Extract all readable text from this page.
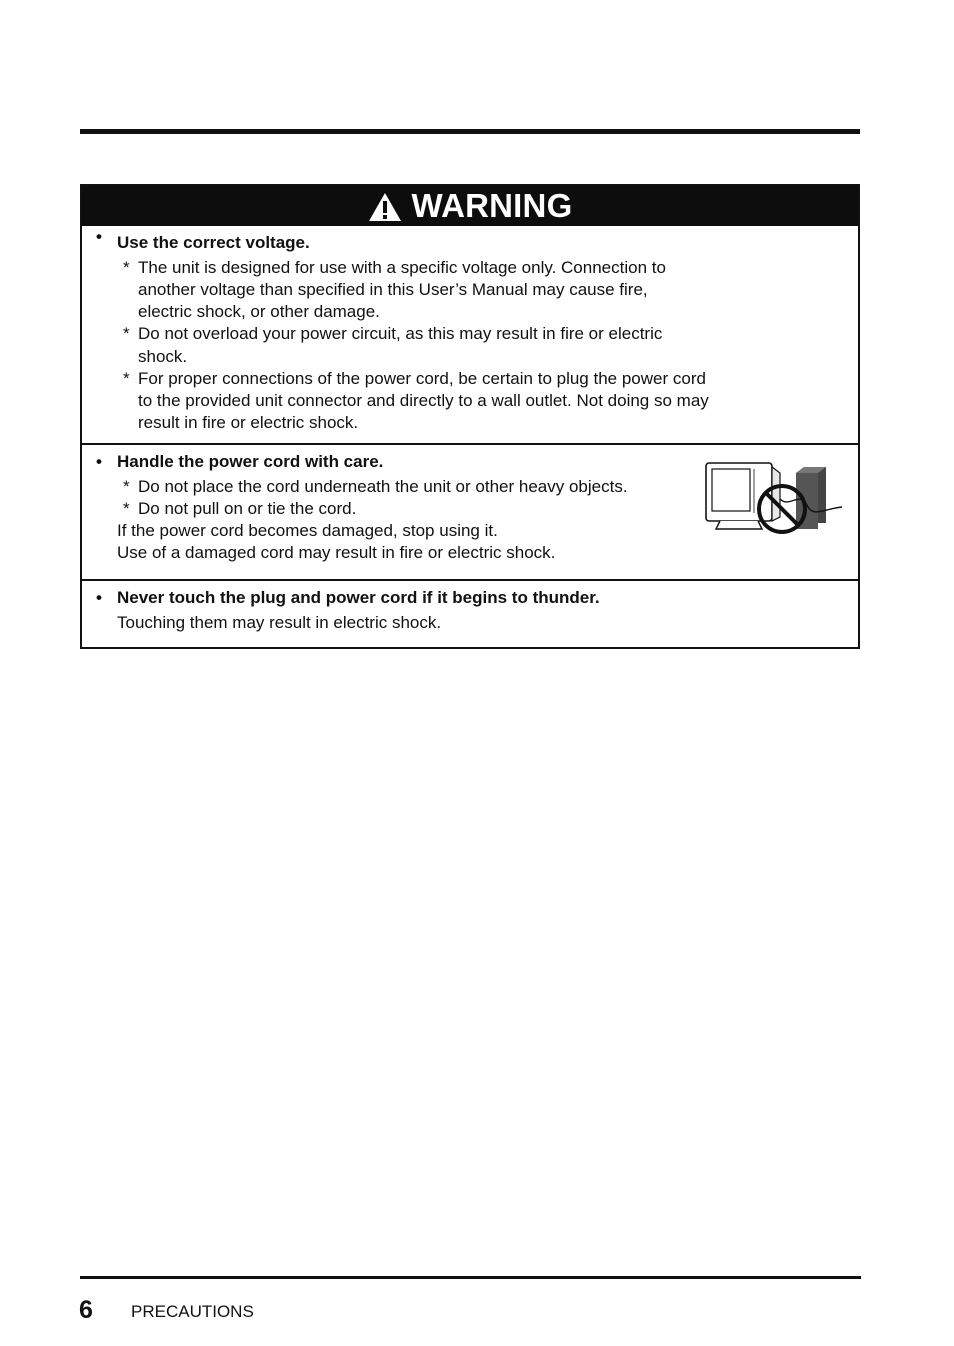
WARNING
• Use the correct voltage.
* The unit is designed for use with a specific voltage only. Connection to
another voltage than specified in this User’s Manual may cause fire,
electric shock, or other damage.
* Do not overload your power circuit, as this may result in fire or electric
shock.
* For proper connections of the power cord, be certain to plug the power cord
to the provided unit connector and directly to a wall outlet. Not doing so may
result in fire or electric shock.
• Handle the power cord with care.
* Do not place the cord underneath the unit or other heavy objects.
* Do not pull on or tie the cord.
If the power cord becomes damaged, stop using it.
Use of a damaged cord may result in fire or electric shock.
• Never touch the plug and power cord if it begins to thunder.
Touching them may result in electric shock.
6 PRECAUTIONS
